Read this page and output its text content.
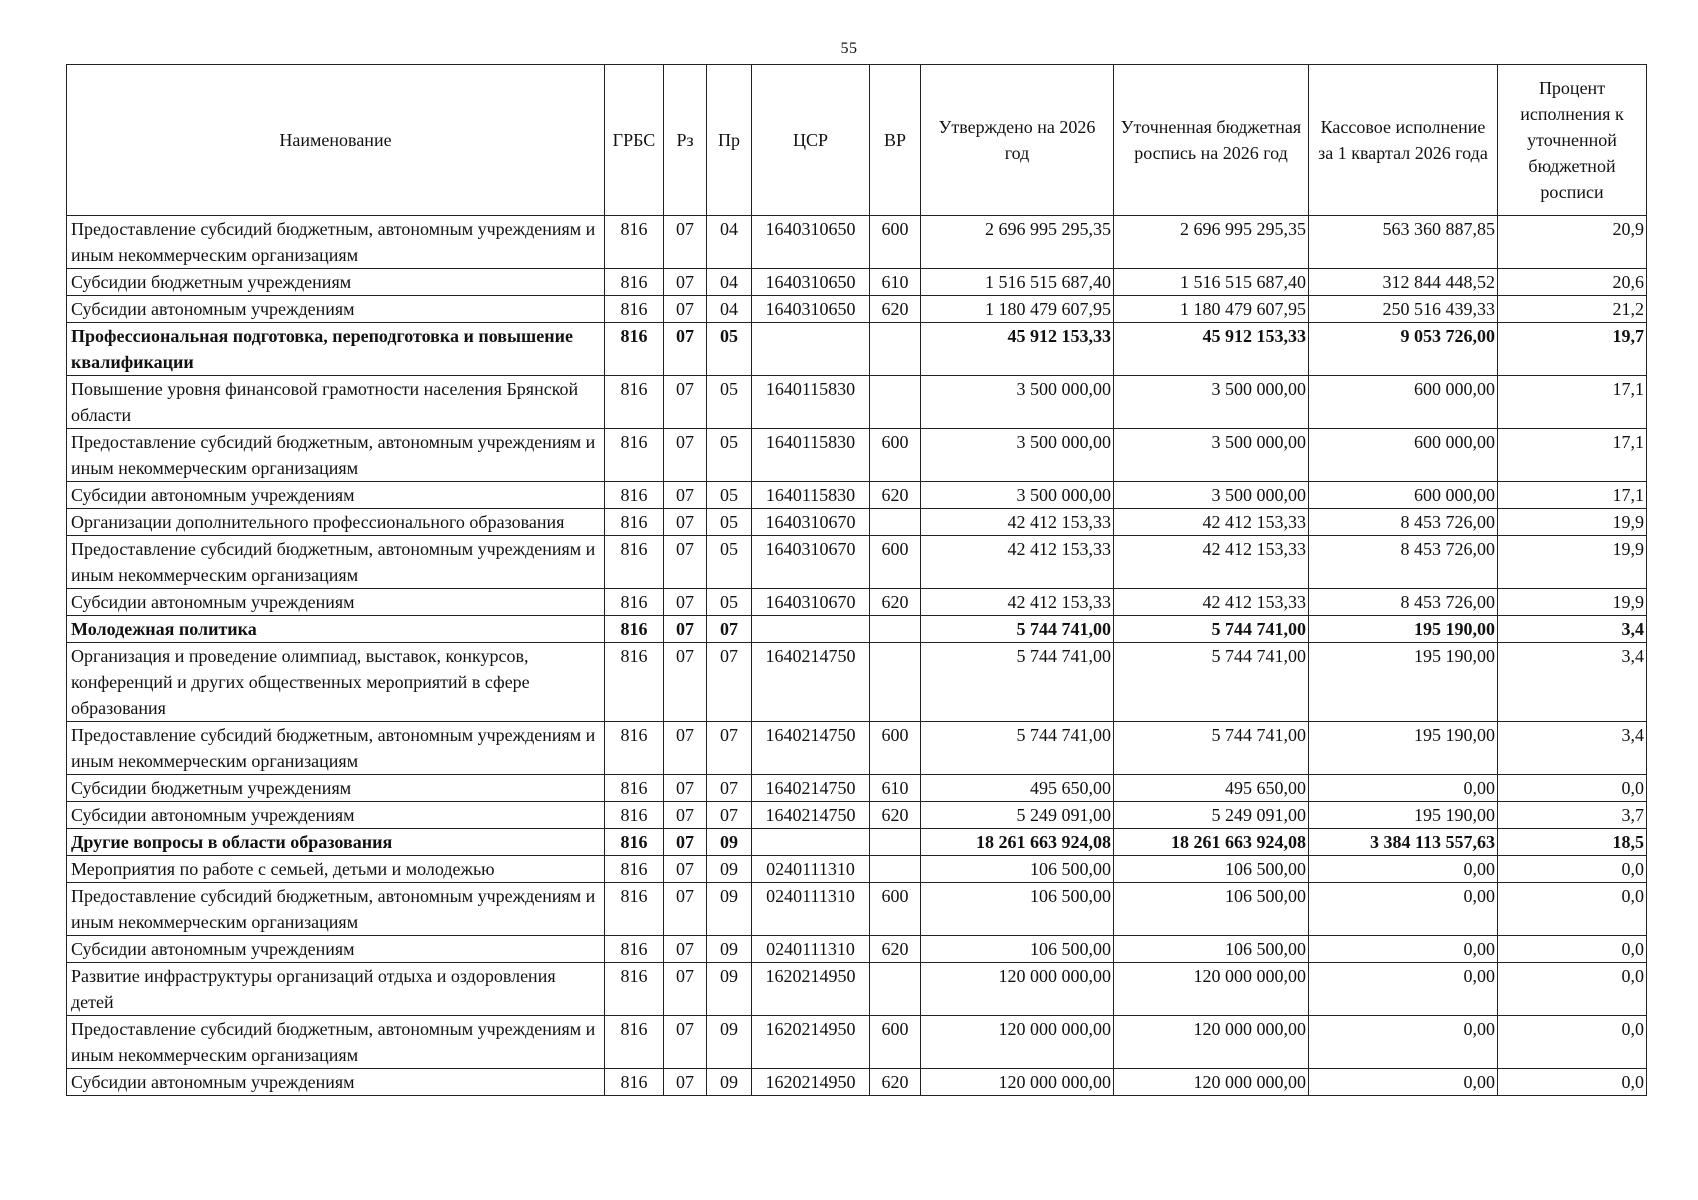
55
Наименование	ГРБС	Рз	Пр	ЦСР	ВР	Утверждено на 2026 год	Уточненная бюджетная роспись на 2026 год	Кассовое исполнение за 1 квартал 2026 года	Процент исполнения к уточненной бюджетной росписи
Предоставление субсидий бюджетным, автономным учреждениям и иным некоммерческим организациям	816	07	04	1640310650	600	2 696 995 295,35	2 696 995 295,35	563 360 887,85	20,9
Субсидии бюджетным учреждениям	816	07	04	1640310650	610	1 516 515 687,40	1 516 515 687,40	312 844 448,52	20,6
Субсидии автономным учреждениям	816	07	04	1640310650	620	1 180 479 607,95	1 180 479 607,95	250 516 439,33	21,2
Профессиональная подготовка, переподготовка и повышение квалификации	816	07	05			45 912 153,33	45 912 153,33	9 053 726,00	19,7
Повышение уровня финансовой грамотности населения Брянской области	816	07	05	1640115830		3 500 000,00	3 500 000,00	600 000,00	17,1
Предоставление субсидий бюджетным, автономным учреждениям и иным некоммерческим организациям	816	07	05	1640115830	600	3 500 000,00	3 500 000,00	600 000,00	17,1
Субсидии автономным учреждениям	816	07	05	1640115830	620	3 500 000,00	3 500 000,00	600 000,00	17,1
Организации дополнительного профессионального образования	816	07	05	1640310670		42 412 153,33	42 412 153,33	8 453 726,00	19,9
Предоставление субсидий бюджетным, автономным учреждениям и иным некоммерческим организациям	816	07	05	1640310670	600	42 412 153,33	42 412 153,33	8 453 726,00	19,9
Субсидии автономным учреждениям	816	07	05	1640310670	620	42 412 153,33	42 412 153,33	8 453 726,00	19,9
Молодежная политика	816	07	07			5 744 741,00	5 744 741,00	195 190,00	3,4
Организация и проведение олимпиад, выставок, конкурсов, конференций и других общественных мероприятий в сфере образования	816	07	07	1640214750		5 744 741,00	5 744 741,00	195 190,00	3,4
Предоставление субсидий бюджетным, автономным учреждениям и иным некоммерческим организациям	816	07	07	1640214750	600	5 744 741,00	5 744 741,00	195 190,00	3,4
Субсидии бюджетным учреждениям	816	07	07	1640214750	610	495 650,00	495 650,00	0,00	0,0
Субсидии автономным учреждениям	816	07	07	1640214750	620	5 249 091,00	5 249 091,00	195 190,00	3,7
Другие вопросы в области образования	816	07	09			18 261 663 924,08	18 261 663 924,08	3 384 113 557,63	18,5
Мероприятия по работе с семьей, детьми и молодежью	816	07	09	0240111310		106 500,00	106 500,00	0,00	0,0
Предоставление субсидий бюджетным, автономным учреждениям и иным некоммерческим организациям	816	07	09	0240111310	600	106 500,00	106 500,00	0,00	0,0
Субсидии автономным учреждениям	816	07	09	0240111310	620	106 500,00	106 500,00	0,00	0,0
Развитие инфраструктуры организаций отдыха и оздоровления детей	816	07	09	1620214950		120 000 000,00	120 000 000,00	0,00	0,0
Предоставление субсидий бюджетным, автономным учреждениям и иным некоммерческим организациям	816	07	09	1620214950	600	120 000 000,00	120 000 000,00	0,00	0,0
Субсидии автономным учреждениям	816	07	09	1620214950	620	120 000 000,00	120 000 000,00	0,00	0,0
